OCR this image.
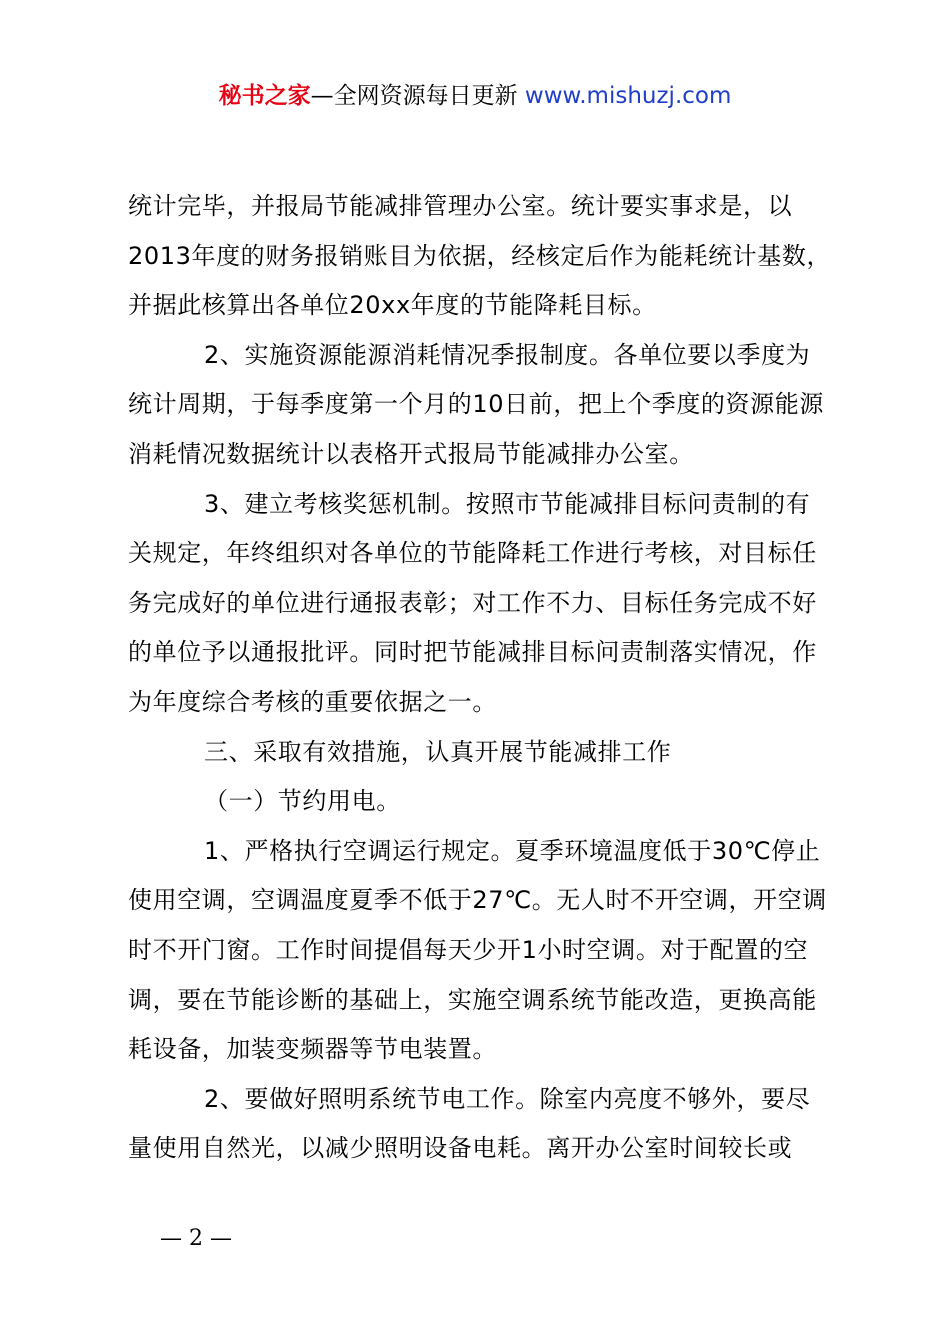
秘书之家—全网资源每日更新 www.mishuzj.com

统计完毕，并报局节能减排管理办公室。统计要实事求是，以2013年度的财务报销账目为依据，经核定后作为能耗统计基数，并据此核算出各单位20xx年度的节能降耗目标。

2、实施资源能源消耗情况季报制度。各单位要以季度为统计周期，于每季度第一个月的10日前，把上个季度的资源能源消耗情况数据统计以表格开式报局节能减排办公室。

3、建立考核奖惩机制。按照市节能减排目标问责制的有关规定，年终组织对各单位的节能降耗工作进行考核，对目标任务完成好的单位进行通报表彰；对工作不力、目标任务完成不好的单位予以通报批评。同时把节能减排目标问责制落实情况，作为年度综合考核的重要依据之一。

三、采取有效措施，认真开展节能减排工作

（一）节约用电。

1、严格执行空调运行规定。夏季环境温度低于30℃停止使用空调，空调温度夏季不低于27℃。无人时不开空调，开空调时不开门窗。工作时间提倡每天少开1小时空调。对于配置的空调，要在节能诊断的基础上，实施空调系统节能改造，更换高能耗设备，加装变频器等节电装置。

2、要做好照明系统节电工作。除室内亮度不够外，要尽量使用自然光，以减少照明设备电耗。离开办公室时间较长或

— 2 —
